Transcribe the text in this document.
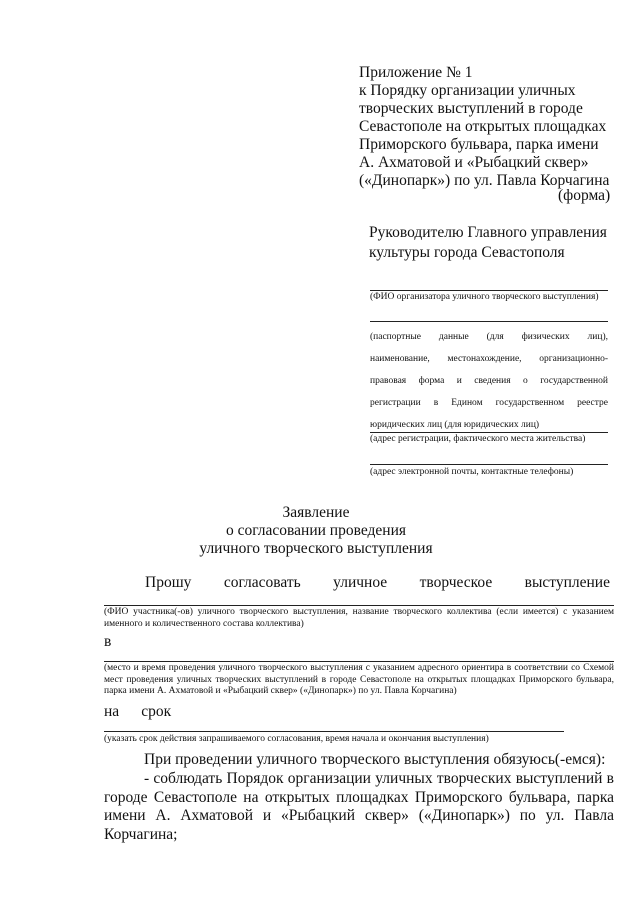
Приложение № 1
к Порядку организации уличных
творческих выступлений в городе
Севастополе на открытых площадках
Приморского бульвара, парка имени
А. Ахматовой и «Рыбацкий сквер»
(«Динопарк») по ул. Павла Корчагина
(форма)
Руководителю Главного управления
культуры города Севастополя
(ФИО организатора уличного творческого выступления)
(паспортные данные (для физических лиц),
наименование, местонахождение, организационно-
правовая форма и сведения о государственной
регистрации в Едином государственном реестре
юридических лиц (для юридических лиц)
(адрес регистрации, фактического места жительства)
(адрес электронной почты, контактные телефоны)
Заявление
о согласовании проведения
уличного творческого выступления
Прошу согласовать уличное творческое выступление
(ФИО участника(-ов) уличного творческого выступления, название творческого коллектива (если имеется) с указанием именного и количественного состава коллектива)
в
(место и время проведения уличного творческого выступления с указанием адресного ориентира в соответствии со Схемой мест проведения уличных творческих выступлений в городе Севастополе на открытых площадках Приморского бульвара, парка имени А. Ахматовой и «Рыбацкий сквер» («Динопарк») по ул. Павла Корчагина)
на срок
(указать срок действия запрашиваемого согласования, время начала и окончания выступления)
При проведении уличного творческого выступления обязуюсь(-емся):
- соблюдать Порядок организации уличных творческих выступлений в городе Севастополе на открытых площадках Приморского бульвара, парка имени А. Ахматовой и «Рыбацкий сквер» («Динопарк») по ул. Павла Корчагина;
